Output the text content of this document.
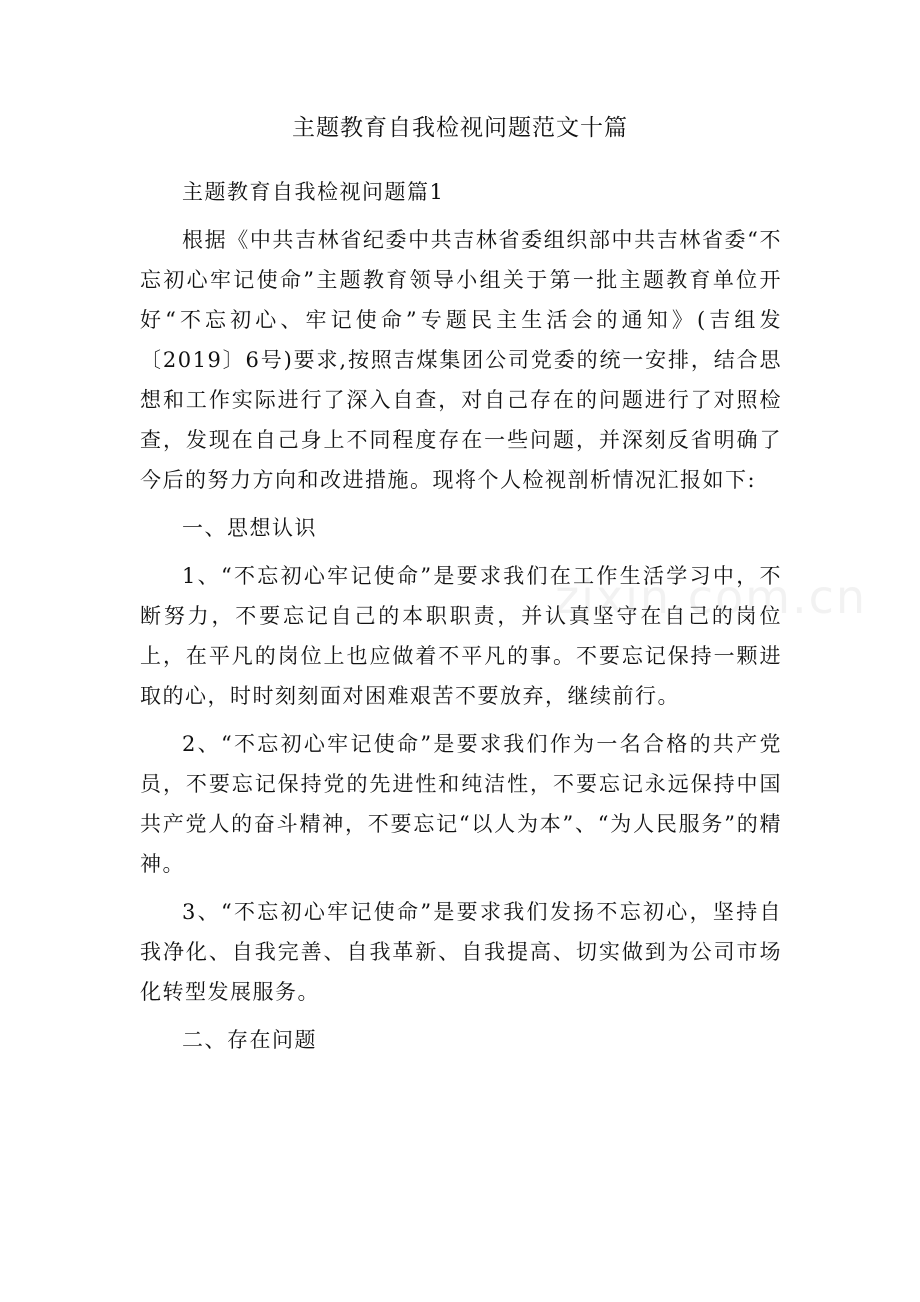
主题教育自我检视问题范文十篇

主题教育自我检视问题篇1

根据《中共吉林省纪委中共吉林省委组织部中共吉林省委“不忘初心牢记使命”主题教育领导小组关于第一批主题教育单位开好“不忘初心、牢记使命”专题民主生活会的通知》(吉组发〔2019〕6号)要求,按照吉煤集团公司党委的统一安排，结合思想和工作实际进行了深入自查，对自己存在的问题进行了对照检查，发现在自己身上不同程度存在一些问题，并深刻反省明确了今后的努力方向和改进措施。现将个人检视剖析情况汇报如下:

一、思想认识

1、“不忘初心牢记使命”是要求我们在工作生活学习中，不断努力，不要忘记自己的本职职责，并认真坚守在自己的岗位上，在平凡的岗位上也应做着不平凡的事。不要忘记保持一颗进取的心，时时刻刻面对困难艰苦不要放弃，继续前行。

2、“不忘初心牢记使命”是要求我们作为一名合格的共产党员，不要忘记保持党的先进性和纯洁性，不要忘记永远保持中国共产党人的奋斗精神，不要忘记“以人为本”、“为人民服务”的精神。

3、“不忘初心牢记使命”是要求我们发扬不忘初心，坚持自我净化、自我完善、自我革新、自我提高、切实做到为公司市场化转型发展服务。

二、存在问题

zixin.com.cn
